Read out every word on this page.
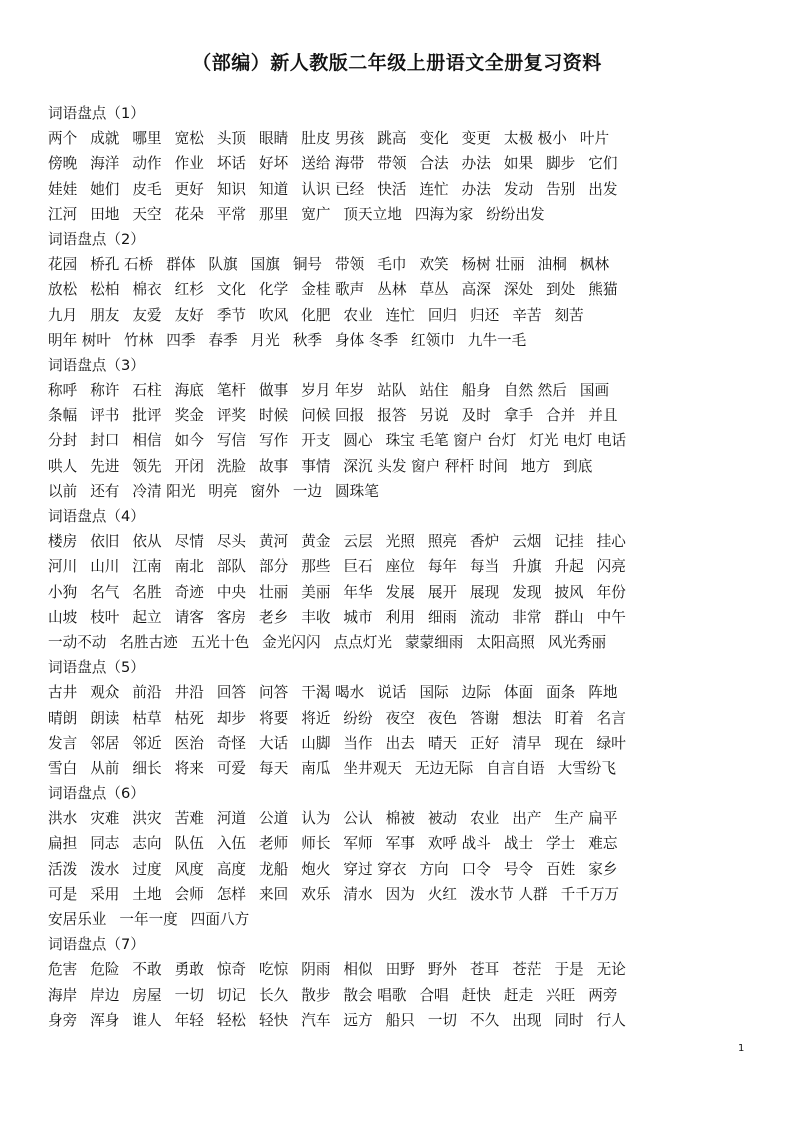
（部编）新人教版二年级上册语文全册复习资料
词语盘点（1）
两个 成就 哪里 宽松 头顶 眼睛 肚皮 男孩 跳高 变化 变更 太极 极小 叶片
傍晚 海洋 动作 作业 坏话 好坏 送给 海带 带领 合法 办法 如果 脚步 它们
娃娃 她们 皮毛 更好 知识 知道 认识 已经 快活 连忙 办法 发动 告别 出发
江河 田地 天空 花朵 平常 那里 宽广 顶天立地 四海为家 纷纷出发
词语盘点（2）
花园 桥孔 石桥 群体 队旗 国旗 铜号 带领 毛巾 欢笑 杨树 壮丽 油桐 枫林
放松 松柏 棉衣 红杉 文化 化学 金桂 歌声 丛林 草丛 高深 深处 到处 熊猫
九月 朋友 友爱 友好 季节 吹风 化肥 农业 连忙 回归 归还 辛苦 刻苦
明年 树叶 竹林 四季 春季 月光 秋季 身体 冬季 红领巾 九牛一毛
词语盘点（3）
称呼 称许 石柱 海底 笔杆 做事 岁月 年岁 站队 站住 船身 自然 然后 国画
条幅 评书 批评 奖金 评奖 时候 问候 回报 报答 另说 及时 拿手 合并 并且
分封 封口 相信 如今 写信 写作 开支 圆心 珠宝 毛笔 窗户 台灯 灯光 电灯 电话
哄人 先进 领先 开闭 洗脸 故事 事情 深沉 头发 窗户 秤杆 时间 地方 到底
以前 还有 冷清 阳光 明亮 窗外 一边 圆珠笔
词语盘点（4）
楼房 依旧 依从 尽情 尽头 黄河 黄金 云层 光照 照亮 香炉 云烟 记挂 挂心
河川 山川 江南 南北 部队 部分 那些 巨石 座位 每年 每当 升旗 升起 闪亮
小狗 名气 名胜 奇迹 中央 壮丽 美丽 年华 发展 展开 展现 发现 披风 年份
山坡 枝叶 起立 请客 客房 老乡 丰收 城市 利用 细雨 流动 非常 群山 中午
一动不动 名胜古迹 五光十色 金光闪闪 点点灯光 蒙蒙细雨 太阳高照 风光秀丽
词语盘点（5）
古井 观众 前沿 井沿 回答 问答 干渴 喝水 说话 国际 边际 体面 面条 阵地
晴朗 朗读 枯草 枯死 却步 将要 将近 纷纷 夜空 夜色 答谢 想法 盯着 名言
发言 邻居 邻近 医治 奇怪 大话 山脚 当作 出去 晴天 正好 清早 现在 绿叶
雪白 从前 细长 将来 可爱 每天 南瓜 坐井观天 无边无际 自言自语 大雪纷飞
词语盘点（6）
洪水 灾难 洪灾 苦难 河道 公道 认为 公认 棉被 被动 农业 出产 生产 扁平
扁担 同志 志向 队伍 入伍 老师 师长 军师 军事 欢呼 战斗 战士 学士 难忘
活泼 泼水 过度 风度 高度 龙船 炮火 穿过 穿衣 方向 口令 号令 百姓 家乡
可是 采用 土地 会师 怎样 来回 欢乐 清水 因为 火红 泼水节 人群 千千万万
安居乐业 一年一度 四面八方
词语盘点（7）
危害 危险 不敢 勇敢 惊奇 吃惊 阴雨 相似 田野 野外 苍耳 苍茫 于是 无论
海岸 岸边 房屋 一切 切记 长久 散步 散会 唱歌 合唱 赶快 赶走 兴旺 两旁
身旁 浑身 谁人 年轻 轻松 轻快 汽车 远方 船只 一切 不久 出现 同时 行人
1
